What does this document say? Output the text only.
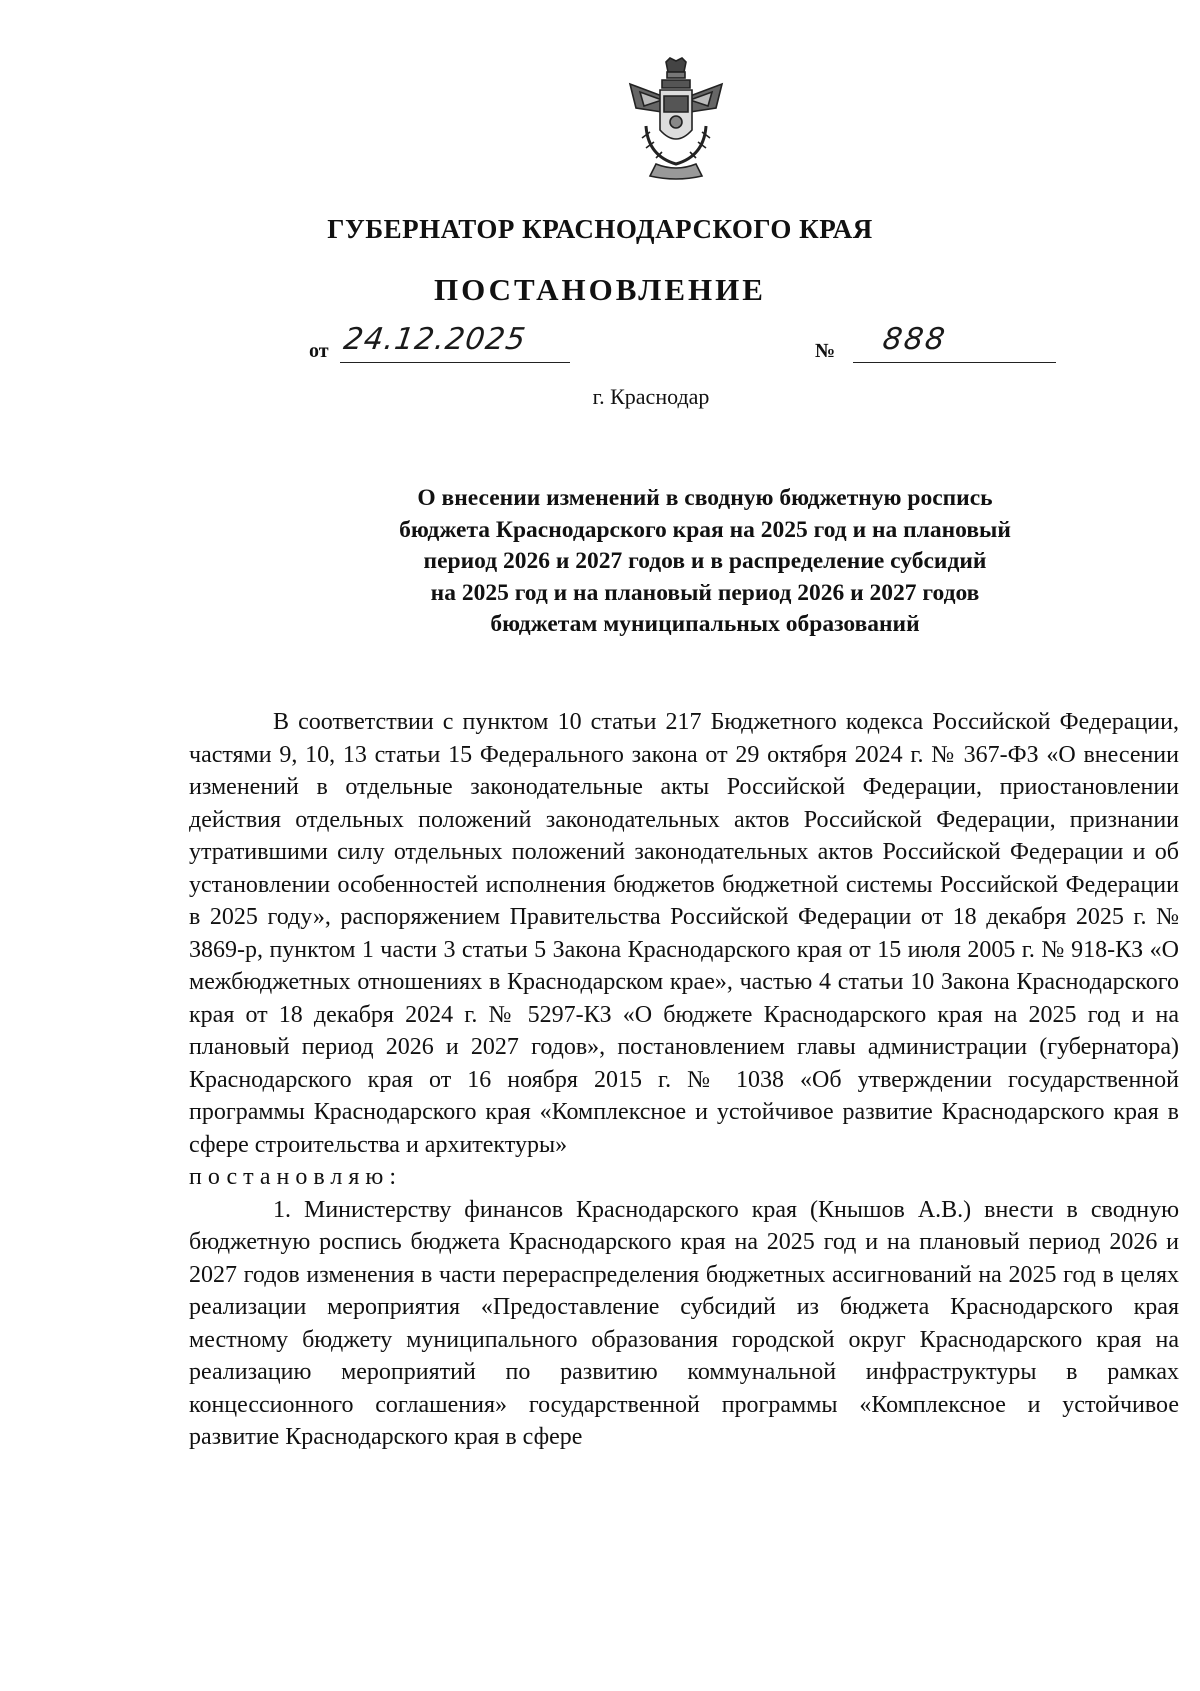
ГУБЕРНАТОР КРАСНОДАРСКОГО КРАЯ
ПОСТАНОВЛЕНИЕ
от 24.12.2025	№ 888
г. Краснодар
О внесении изменений в сводную бюджетную роспись
бюджета Краснодарского края на 2025 год и на плановый
период 2026 и 2027 годов и в распределение субсидий
на 2025 год и на плановый период 2026 и 2027 годов
бюджетам муниципальных образований

В соответствии с пунктом 10 статьи 217 Бюджетного кодекса Российской Федерации, частями 9, 10, 13 статьи 15 Федерального закона от 29 октября 2024 г. № 367-ФЗ «О внесении изменений в отдельные законодательные акты Российской Федерации, приостановлении действия отдельных положений законодательных актов Российской Федерации, признании утратившими силу отдельных положений законодательных актов Российской Федерации и об установлении особенностей исполнения бюджетов бюджетной системы Российской Федерации в 2025 году», распоряжением Правительства Российской Федерации от 18 декабря 2025 г. № 3869-р, пунктом 1 части 3 статьи 5 Закона Краснодарского края от 15 июля 2005 г. № 918-КЗ «О межбюджетных отношениях в Краснодарском крае», частью 4 статьи 10 Закона Краснодарского края от 18 декабря 2024 г. № 5297-КЗ «О бюджете Краснодарского края на 2025 год и на плановый период 2026 и 2027 годов», постановлением главы администрации (губернатора) Краснодарского края от 16 ноября 2015 г. № 1038 «Об утверждении государственной программы Краснодарского края «Комплексное и устойчивое развитие Краснодарского края в сфере строительства и архитектуры»

постановляю:

1. Министерству финансов Краснодарского края (Кнышов А.В.) внести в сводную бюджетную роспись бюджета Краснодарского края на 2025 год и на плановый период 2026 и 2027 годов изменения в части перераспределения бюджетных ассигнований на 2025 год в целях реализации мероприятия «Предоставление субсидий из бюджета Краснодарского края местному бюджету муниципального образования городской округ Краснодарского края на реализацию мероприятий по развитию коммунальной инфраструктуры в рамках концессионного соглашения» государственной программы «Комплексное и устойчивое развитие Краснодарского края в сфере
